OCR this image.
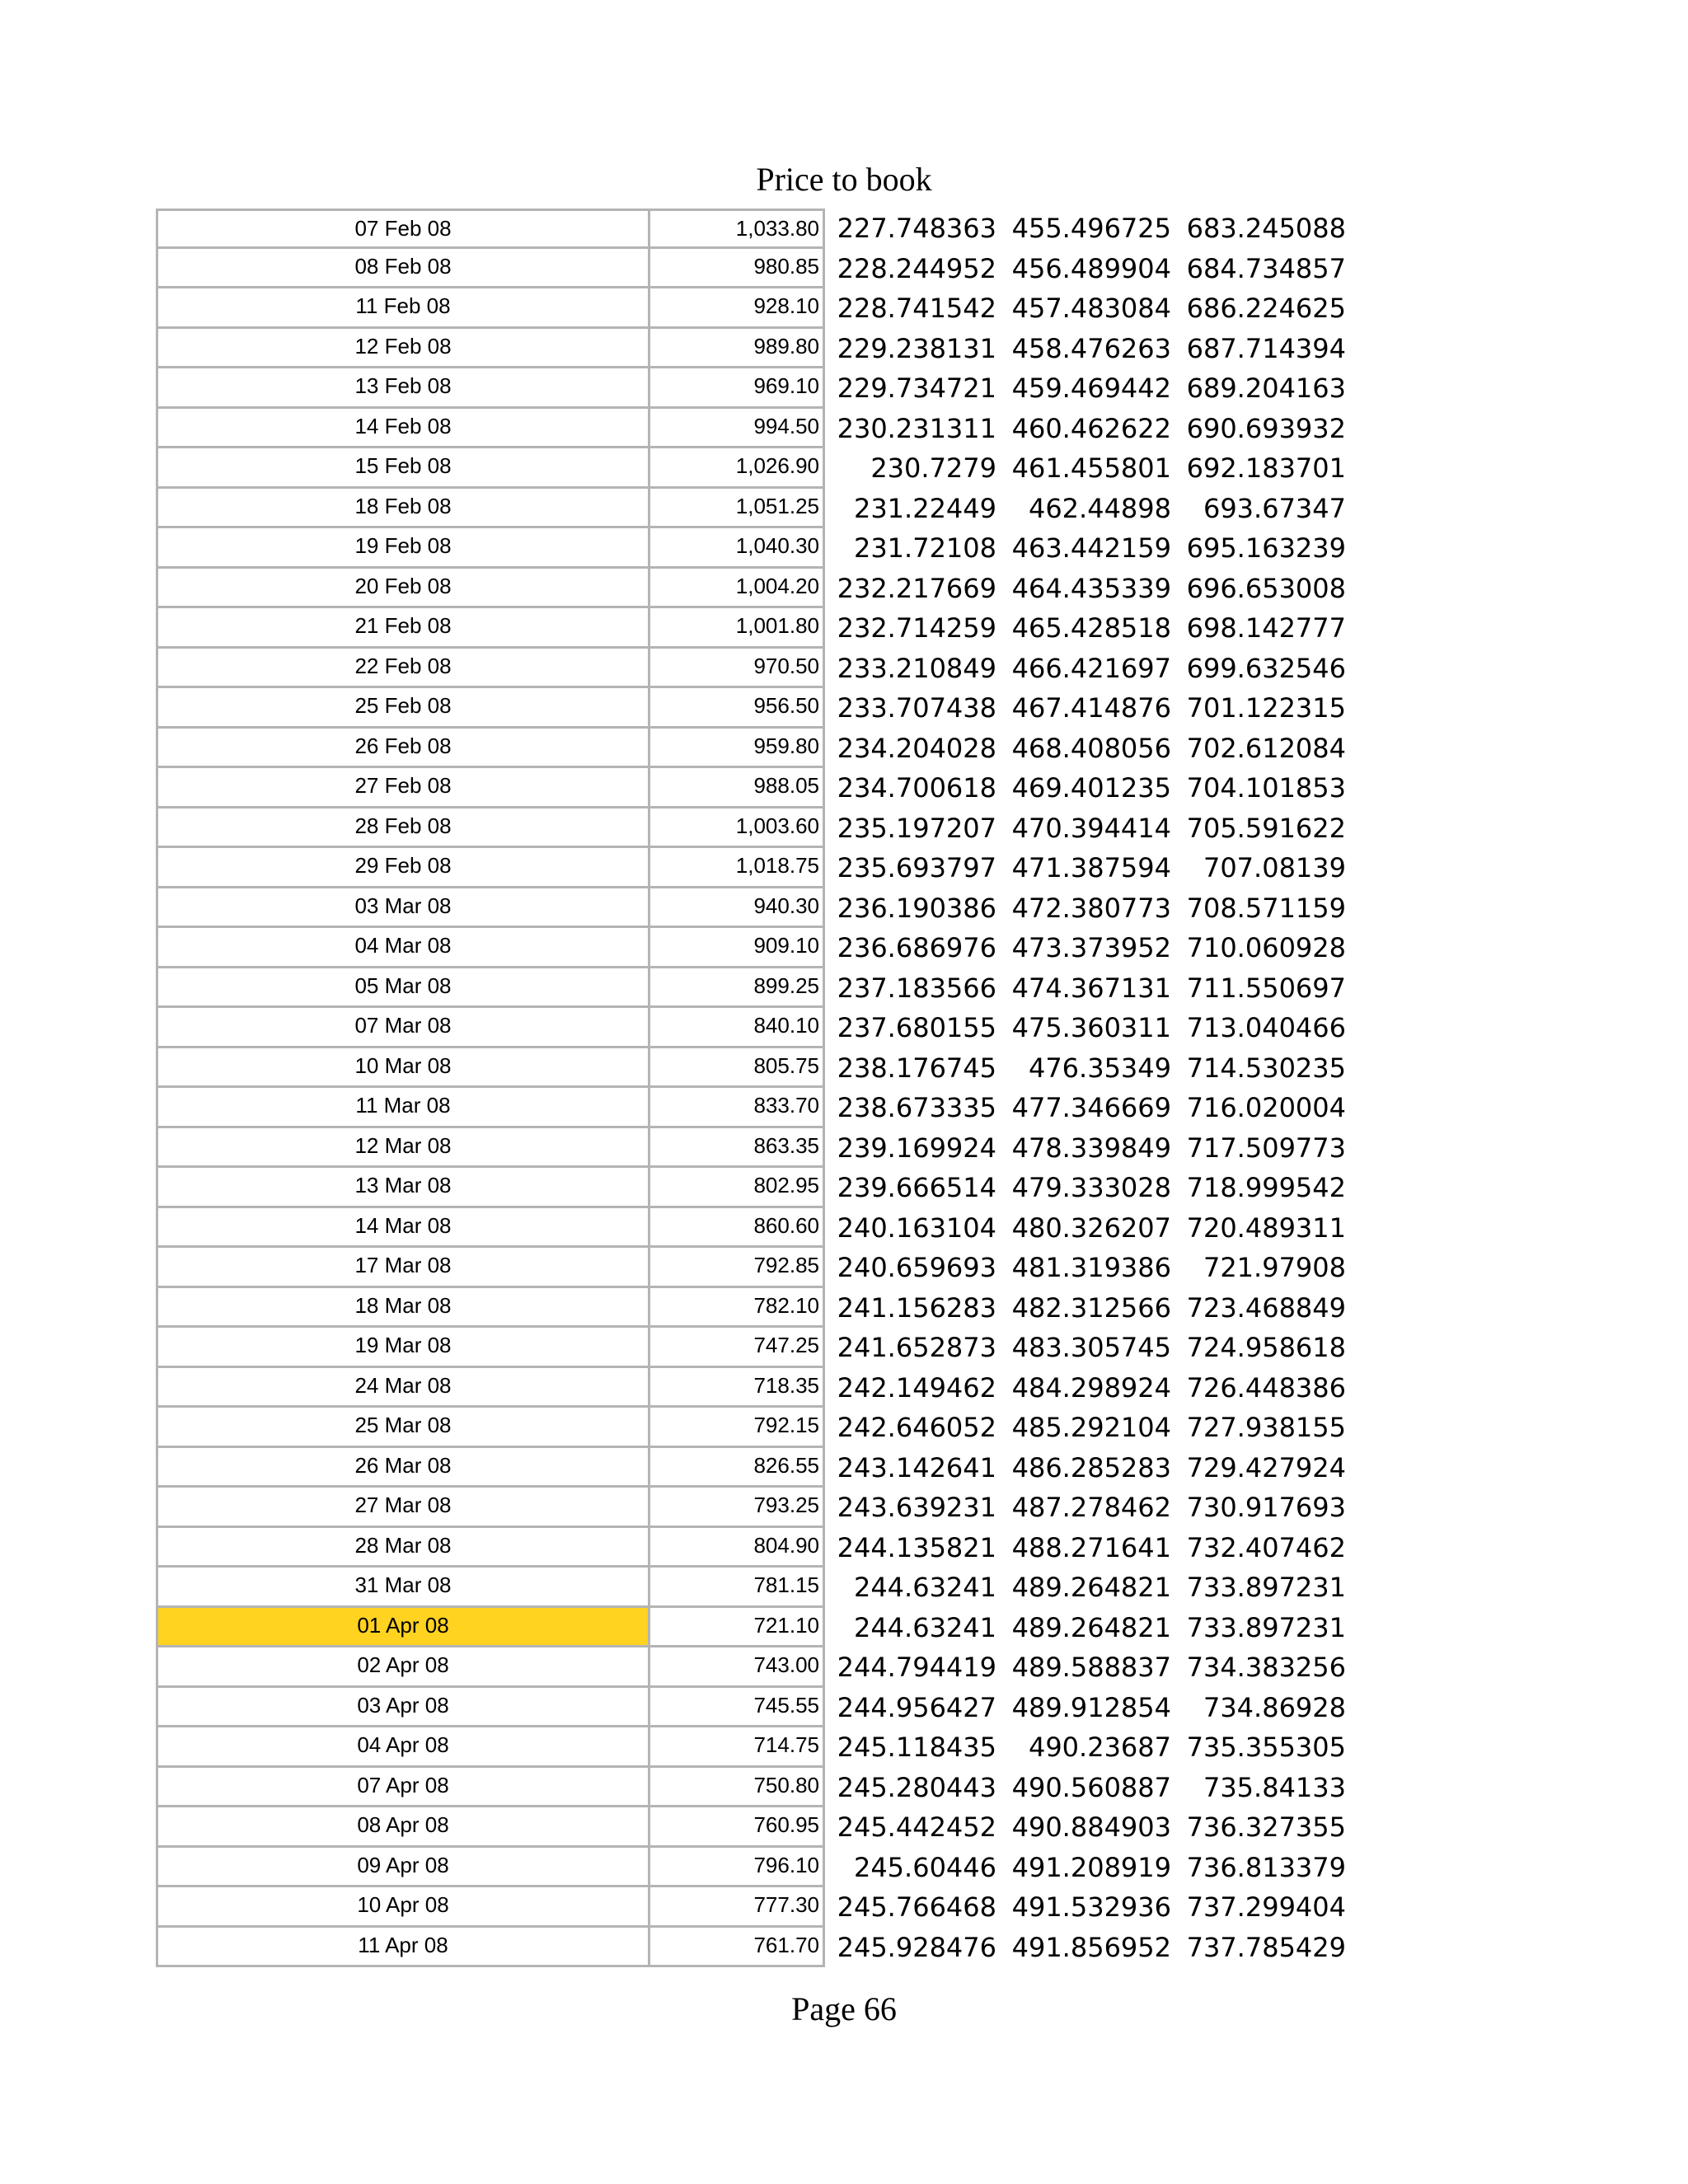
Price to book
07 Feb 08	1,033.80 227.748363 455.496725 683.245088
08 Feb 08	980.85 228.244952 456.489904 684.734857
11 Feb 08	928.10 228.741542 457.483084 686.224625
12 Feb 08	989.80 229.238131 458.476263 687.714394
13 Feb 08	969.10 229.734721 459.469442 689.204163
14 Feb 08	994.50 230.231311 460.462622 690.693932
15 Feb 08	1,026.90	230.7279 461.455801 692.183701
18 Feb 08	1,051.25	231.22449	462.44898	693.67347
19 Feb 08	1,040.30	231.72108 463.442159 695.163239
20 Feb 08	1,004.20 232.217669 464.435339 696.653008
21 Feb 08	1,001.80 232.714259 465.428518 698.142777
22 Feb 08	970.50 233.210849 466.421697 699.632546
25 Feb 08	956.50 233.707438 467.414876 701.122315
26 Feb 08	959.80 234.204028 468.408056 702.612084
27 Feb 08	988.05 234.700618 469.401235 704.101853
28 Feb 08	1,003.60 235.197207 470.394414 705.591622
29 Feb 08	1,018.75 235.693797 471.387594	707.08139
03 Mar 08	940.30 236.190386 472.380773 708.571159
04 Mar 08	909.10 236.686976 473.373952 710.060928
05 Mar 08	899.25 237.183566 474.367131 711.550697
07 Mar 08	840.10 237.680155 475.360311 713.040466
10 Mar 08	805.75 238.176745	476.35349 714.530235
11 Mar 08	833.70 238.673335 477.346669 716.020004
12 Mar 08	863.35 239.169924 478.339849 717.509773
13 Mar 08	802.95 239.666514 479.333028 718.999542
14 Mar 08	860.60 240.163104 480.326207 720.489311
17 Mar 08	792.85 240.659693 481.319386	721.97908
18 Mar 08	782.10 241.156283 482.312566 723.468849
19 Mar 08	747.25 241.652873 483.305745 724.958618
24 Mar 08	718.35 242.149462 484.298924 726.448386
25 Mar 08	792.15 242.646052 485.292104 727.938155
26 Mar 08	826.55 243.142641 486.285283 729.427924
27 Mar 08	793.25 243.639231 487.278462 730.917693
28 Mar 08	804.90 244.135821 488.271641 732.407462
31 Mar 08	781.15	244.63241 489.264821 733.897231
01 Apr 08	721.10	244.63241 489.264821 733.897231
02 Apr 08	743.00 244.794419 489.588837 734.383256
03 Apr 08	745.55 244.956427 489.912854	734.86928
04 Apr 08	714.75 245.118435	490.23687 735.355305
07 Apr 08	750.80 245.280443 490.560887	735.84133
08 Apr 08	760.95 245.442452 490.884903 736.327355
09 Apr 08	796.10	245.60446 491.208919 736.813379
10 Apr 08	777.30 245.766468 491.532936 737.299404
11 Apr 08	761.70 245.928476 491.856952 737.785429
Page 66
